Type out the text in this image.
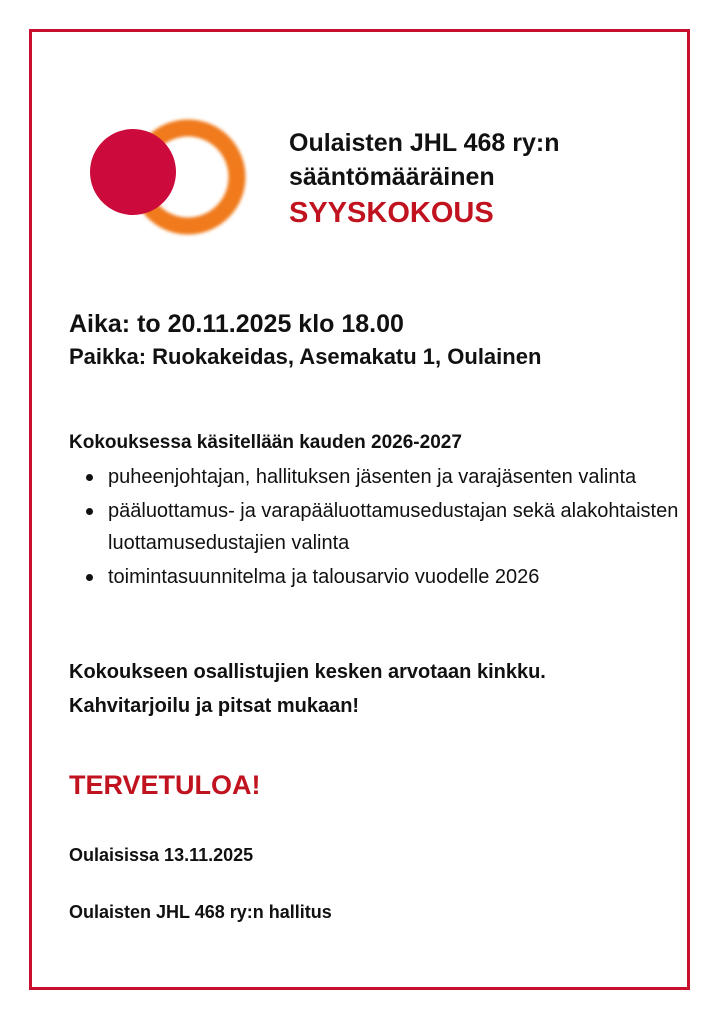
Oulaisten JHL 468 ry:n
sääntömääräinen
SYYSKOKOUS
Aika: to 20.11.2025 klo 18.00
Paikka: Ruokakeidas, Asemakatu 1, Oulainen
Kokouksessa käsitellään kauden 2026-2027
puheenjohtajan, hallituksen jäsenten ja varajäsenten valinta
pääluottamus- ja varapääluottamusedustajan sekä alakohtaisten luottamusedustajien valinta
toimintasuunnitelma ja talousarvio vuodelle 2026
Kokoukseen osallistujien kesken arvotaan kinkku.
Kahvitarjoilu ja pitsat mukaan!
TERVETULOA!
Oulaisissa 13.11.2025
Oulaisten JHL 468 ry:n hallitus
